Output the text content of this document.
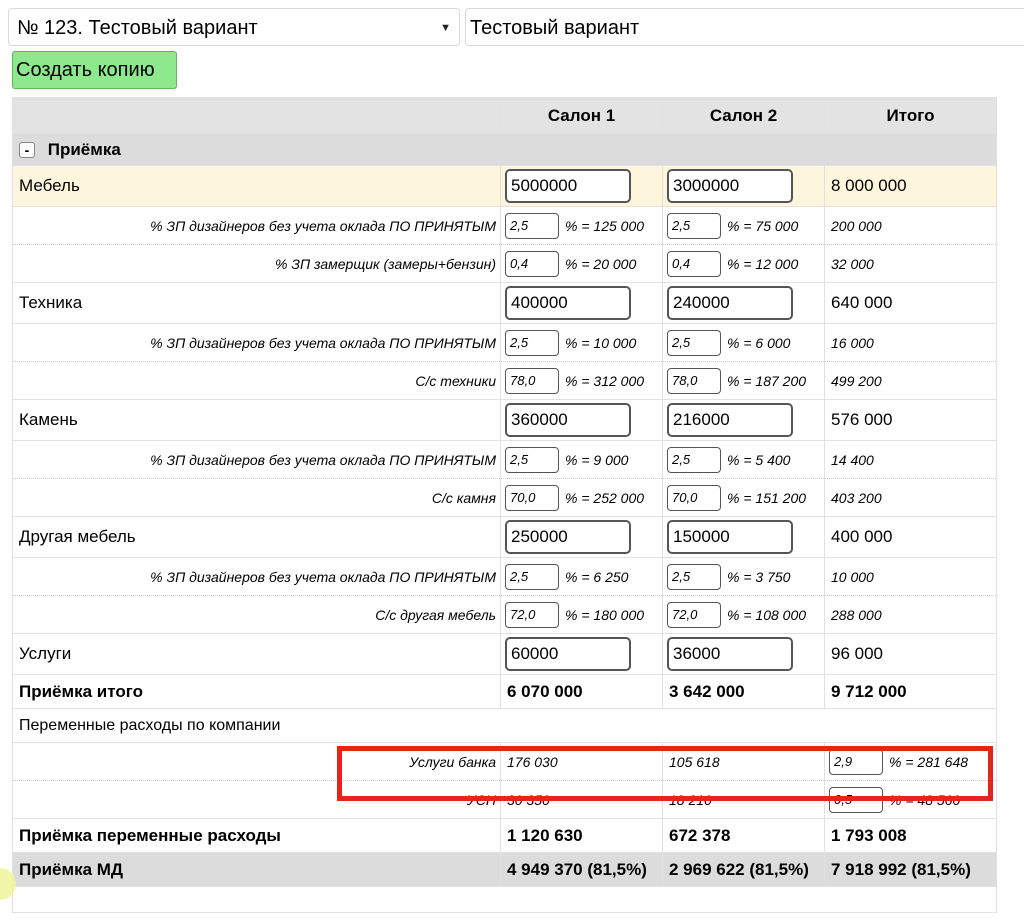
№ 123. Тестовый вариант	▼ Тестовый вариант
Создать копию
	Салон 1	Салон 2	Итого
- Приёмка			
Мебель	5000000	3000000	8 000 000
% ЗП дизайнеров без учета оклада ПО ПРИНЯТЫМ	2,5 % = 125 000	2,5 % = 75 000	200 000
% ЗП замерщик (замеры+бензин)	0,4 % = 20 000	0,4 % = 12 000	32 000
Техника	400000	240000	640 000
% ЗП дизайнеров без учета оклада ПО ПРИНЯТЫМ	2,5 % = 10 000	2,5 % = 6 000	16 000
С/с техники	78,0 % = 312 000	78,0 % = 187 200	499 200
Камень	360000	216000	576 000
% ЗП дизайнеров без учета оклада ПО ПРИНЯТЫМ	2,5 % = 9 000	2,5 % = 5 400	14 400
С/с камня	70,0 % = 252 000	70,0 % = 151 200	403 200
Другая мебель	250000	150000	400 000
% ЗП дизайнеров без учета оклада ПО ПРИНЯТЫМ	2,5 % = 6 250	2,5 % = 3 750	10 000
С/с другая мебель	72,0 % = 180 000	72,0 % = 108 000	288 000
Услуги	60000	36000	96 000
Приёмка итого	6 070 000	3 642 000	9 712 000
Переменные расходы по компании			
Услуги банка	176 030	105 618	2,9 % = 281 648
УСН	30 350	18 210	0,5 % = 48 560
Приёмка переменные расходы	1 120 630	672 378	1 793 008
Приёмка МД	4 949 370 (81,5%)	2 969 622 (81,5%)	7 918 992 (81,5%)
